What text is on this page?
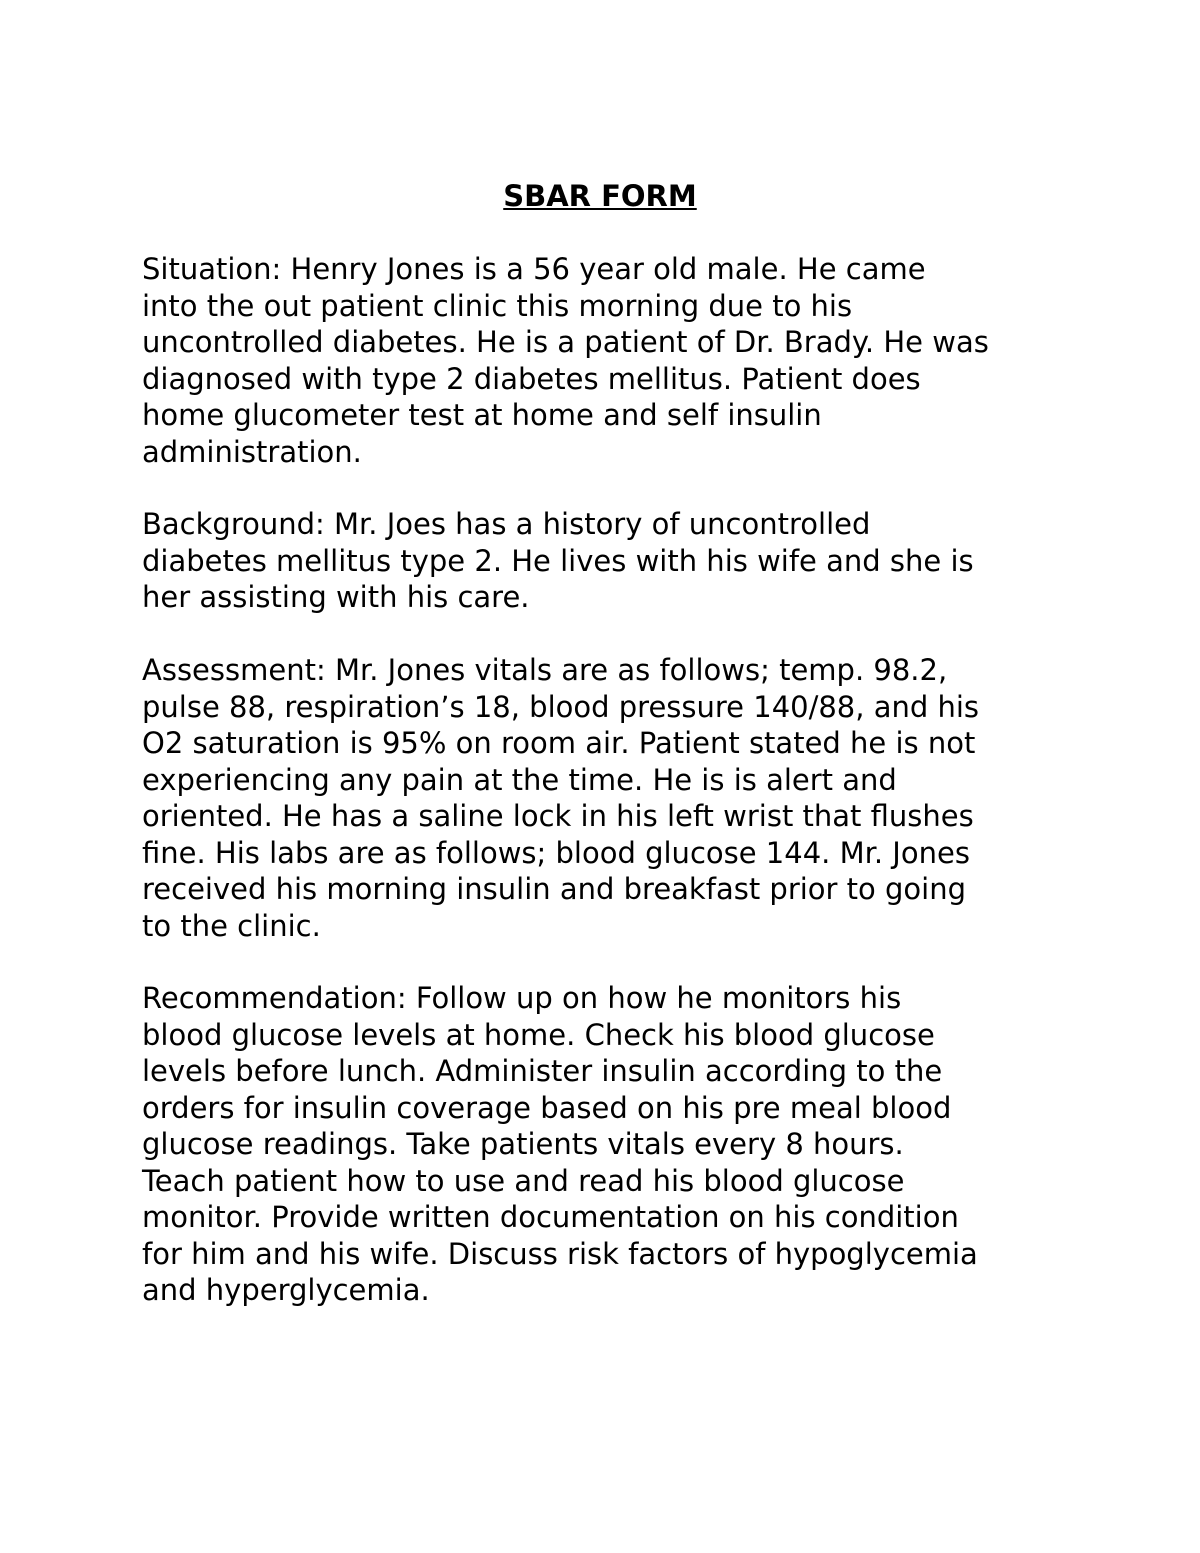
SBAR FORM

Situation: Henry Jones is a 56 year old male. He came
into the out patient clinic this morning due to his
uncontrolled diabetes. He is a patient of Dr. Brady. He was
diagnosed with type 2 diabetes mellitus. Patient does
home glucometer test at home and self insulin
administration.

Background: Mr. Joes has a history of uncontrolled
diabetes mellitus type 2. He lives with his wife and she is
her assisting with his care.

Assessment: Mr. Jones vitals are as follows; temp. 98.2,
pulse 88, respiration’s 18, blood pressure 140/88, and his
O2 saturation is 95% on room air. Patient stated he is not
experiencing any pain at the time. He is is alert and
oriented. He has a saline lock in his left wrist that flushes
fine. His labs are as follows; blood glucose 144. Mr. Jones
received his morning insulin and breakfast prior to going
to the clinic.

Recommendation: Follow up on how he monitors his
blood glucose levels at home. Check his blood glucose
levels before lunch. Administer insulin according to the
orders for insulin coverage based on his pre meal blood
glucose readings. Take patients vitals every 8 hours.
Teach patient how to use and read his blood glucose
monitor. Provide written documentation on his condition
for him and his wife. Discuss risk factors of hypoglycemia
and hyperglycemia.
